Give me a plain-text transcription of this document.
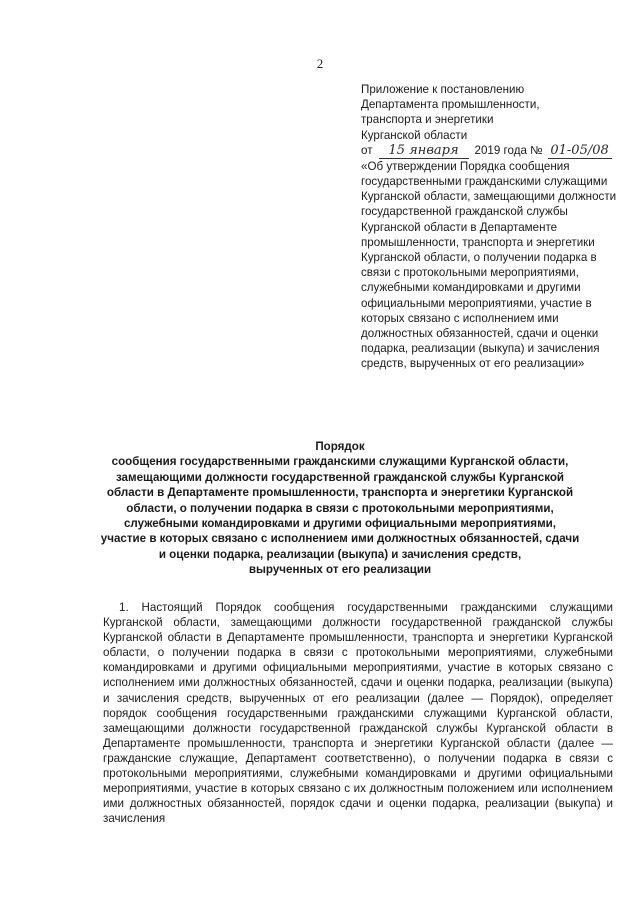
2
Приложение к постановлению
Департамента промышленности,
транспорта и энергетики
Курганской области
от	15 января	2019 года № 01-05/08
«Об утверждении Порядка сообщения государственными гражданскими служащими Курганской области, замещающими должности государственной гражданской службы Курганской области в Департаменте промышленности, транспорта и энергетики Курганской области, о получении подарка в связи с протокольными мероприятиями, служебными командировками и другими официальными мероприятиями, участие в которых связано с исполнением ими должностных обязанностей, сдачи и оценки подарка, реализации (выкупа) и зачисления средств, вырученных от его реализации»
Порядок
сообщения государственными гражданскими служащими Курганской области,
замещающими должности государственной гражданской службы Курганской
области в Департаменте промышленности, транспорта и энергетики Курганской
области, о получении подарка в связи с протокольными мероприятиями,
служебными командировками и другими официальными мероприятиями,
участие в которых связано с исполнением ими должностных обязанностей, сдачи
и оценки подарка, реализации (выкупа) и зачисления средств,
вырученных от его реализации

1. Настоящий Порядок сообщения государственными гражданскими служащими Курганской области, замещающими должности государственной гражданской службы Курганской области в Департаменте промышленности, транспорта и энергетики Курганской области, о получении подарка в связи с протокольными мероприятиями, служебными командировками и другими официальными мероприятиями, участие в которых связано с исполнением ими должностных обязанностей, сдачи и оценки подарка, реализации (выкупа) и зачисления средств, вырученных от его реализации (далее — Порядок), определяет порядок сообщения государственными гражданскими служащими Курганской области, замещающими должности государственной гражданской службы Курганской области в Департаменте промышленности, транспорта и энергетики Курганской области (далее — гражданские служащие, Департамент соответственно), о получении подарка в связи с протокольными мероприятиями, служебными командировками и другими официальными мероприятиями, участие в которых связано с их должностным положением или исполнением ими должностных обязанностей, порядок сдачи и оценки подарка, реализации (выкупа) и зачисления
